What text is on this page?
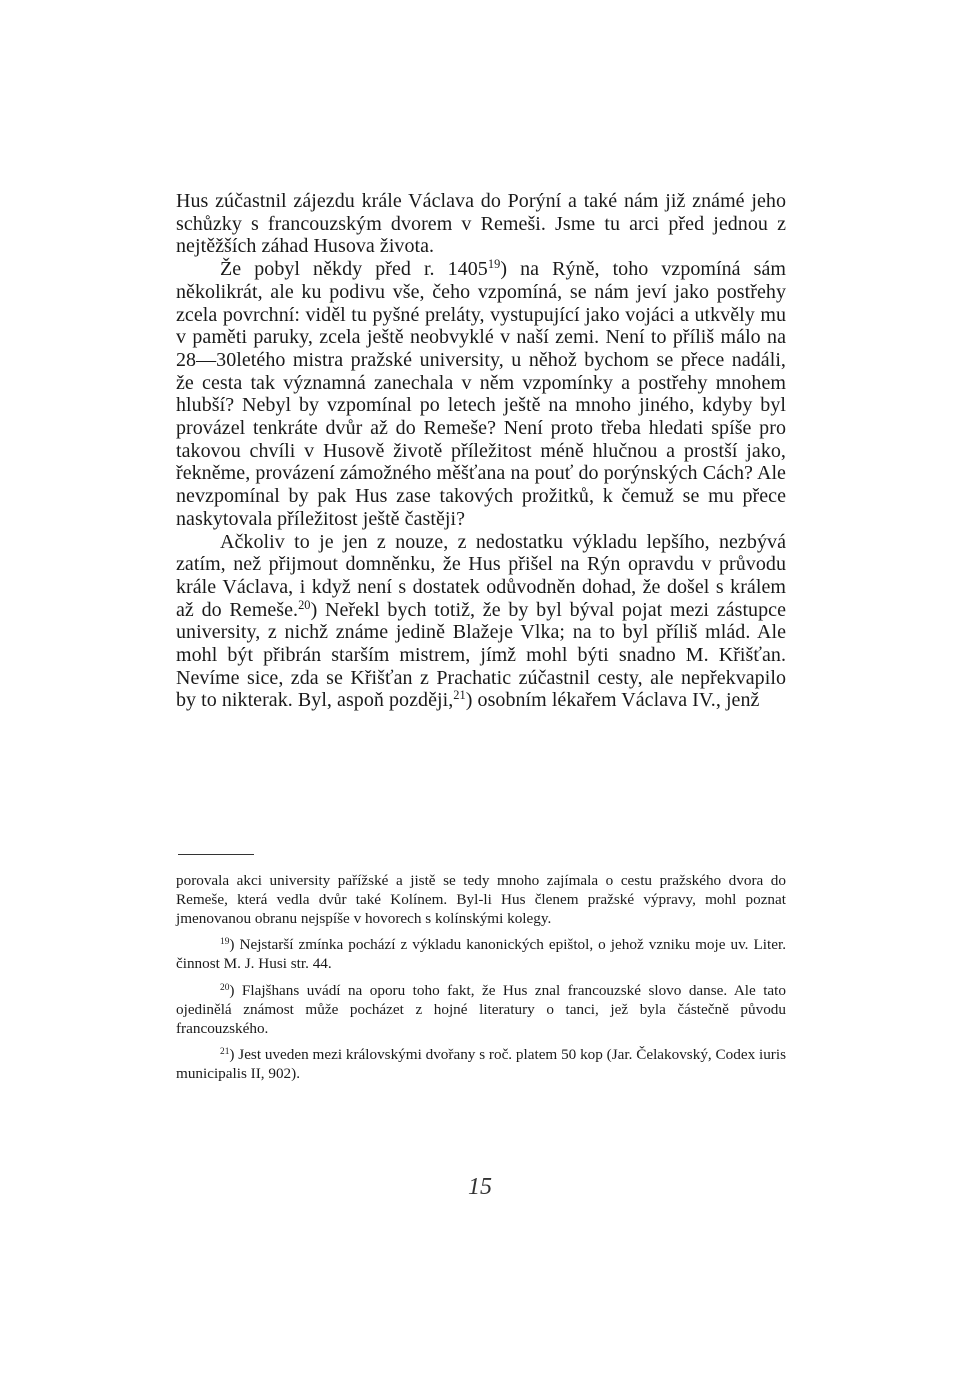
Hus zúčastnil zájezdu krále Václava do Porýní a také nám již známé jeho schůzky s francouzským dvorem v Remeši. Jsme tu arci před jednou z nejtěžších záhad Husova života.

Že pobyl někdy před r. 1405$^{19}$) na Rýně, toho vzpomíná sám několikrát, ale ku podivu vše, čeho vzpomíná, se nám jeví jako postřehy zcela povrchní: viděl tu pyšné preláty, vystupující jako vojáci a utkvěly mu v paměti paruky, zcela ještě neobvyklé v naší zemi. Není to příliš málo na 28—30letého mistra pražské university, u něhož bychom se přece nadáli, že cesta tak významná zanechala v něm vzpomínky a postřehy mnohem hlubší? Nebyl by vzpomínal po letech ještě na mnoho jiného, kdyby byl provázel tenkráte dvůr až do Remeše? Není proto třeba hledati spíše pro takovou chvíli v Husově životě příležitost méně hlučnou a prostší jako, řekněme, provázení zámožného měšťana na pouť do porýnských Cách? Ale nevzpomínal by pak Hus zase takových prožitků, k čemuž se mu přece naskytovala příležitost ještě častěji?

Ačkoliv to je jen z nouze, z nedostatku výkladu lepšího, nezbývá zatím, než přijmout domněnku, že Hus přišel na Rýn opravdu v průvodu krále Václava, i když není s dostatek odůvodněn dohad, že došel s králem až do Remeše.$^{20}$) Neřekl bych totiž, že by byl býval pojat mezi zástupce university, z nichž známe jedině Blažeje Vlka; na to byl příliš mlád. Ale mohl být přibrán starším mistrem, jímž mohl býti snadno M. Křišťan. Nevíme sice, zda se Křišťan z Prachatic zúčastnil cesty, ale nepřekvapilo by to nikterak. Byl, aspoň později,$^{21}$) osobním lékařem Václava IV., jenž

porovala akci university pařížské a jistě se tedy mnoho zajímala o cestu pražského dvora do Remeše, která vedla dvůr také Kolínem. Byl-li Hus členem pražské výpravy, mohl poznat jmenovanou obranu nejspíše v hovorech s kolínskými kolegy.

$^{19}$) Nejstarší zmínka pochází z výkladu kanonických epištol, o jehož vzniku moje uv. Liter. činnost M. J. Husi str. 44.

$^{20}$) Flajšhans uvádí na oporu toho fakt, že Hus znal francouzské slovo danse. Ale tato ojedinělá známost může pocházet z hojné literatury o tanci, jež byla částečně původu francouzského.

$^{21}$) Jest uveden mezi královskými dvořany s roč. platem 50 kop (Jar. Čelakovský, Codex iuris municipalis II, 902).

15
